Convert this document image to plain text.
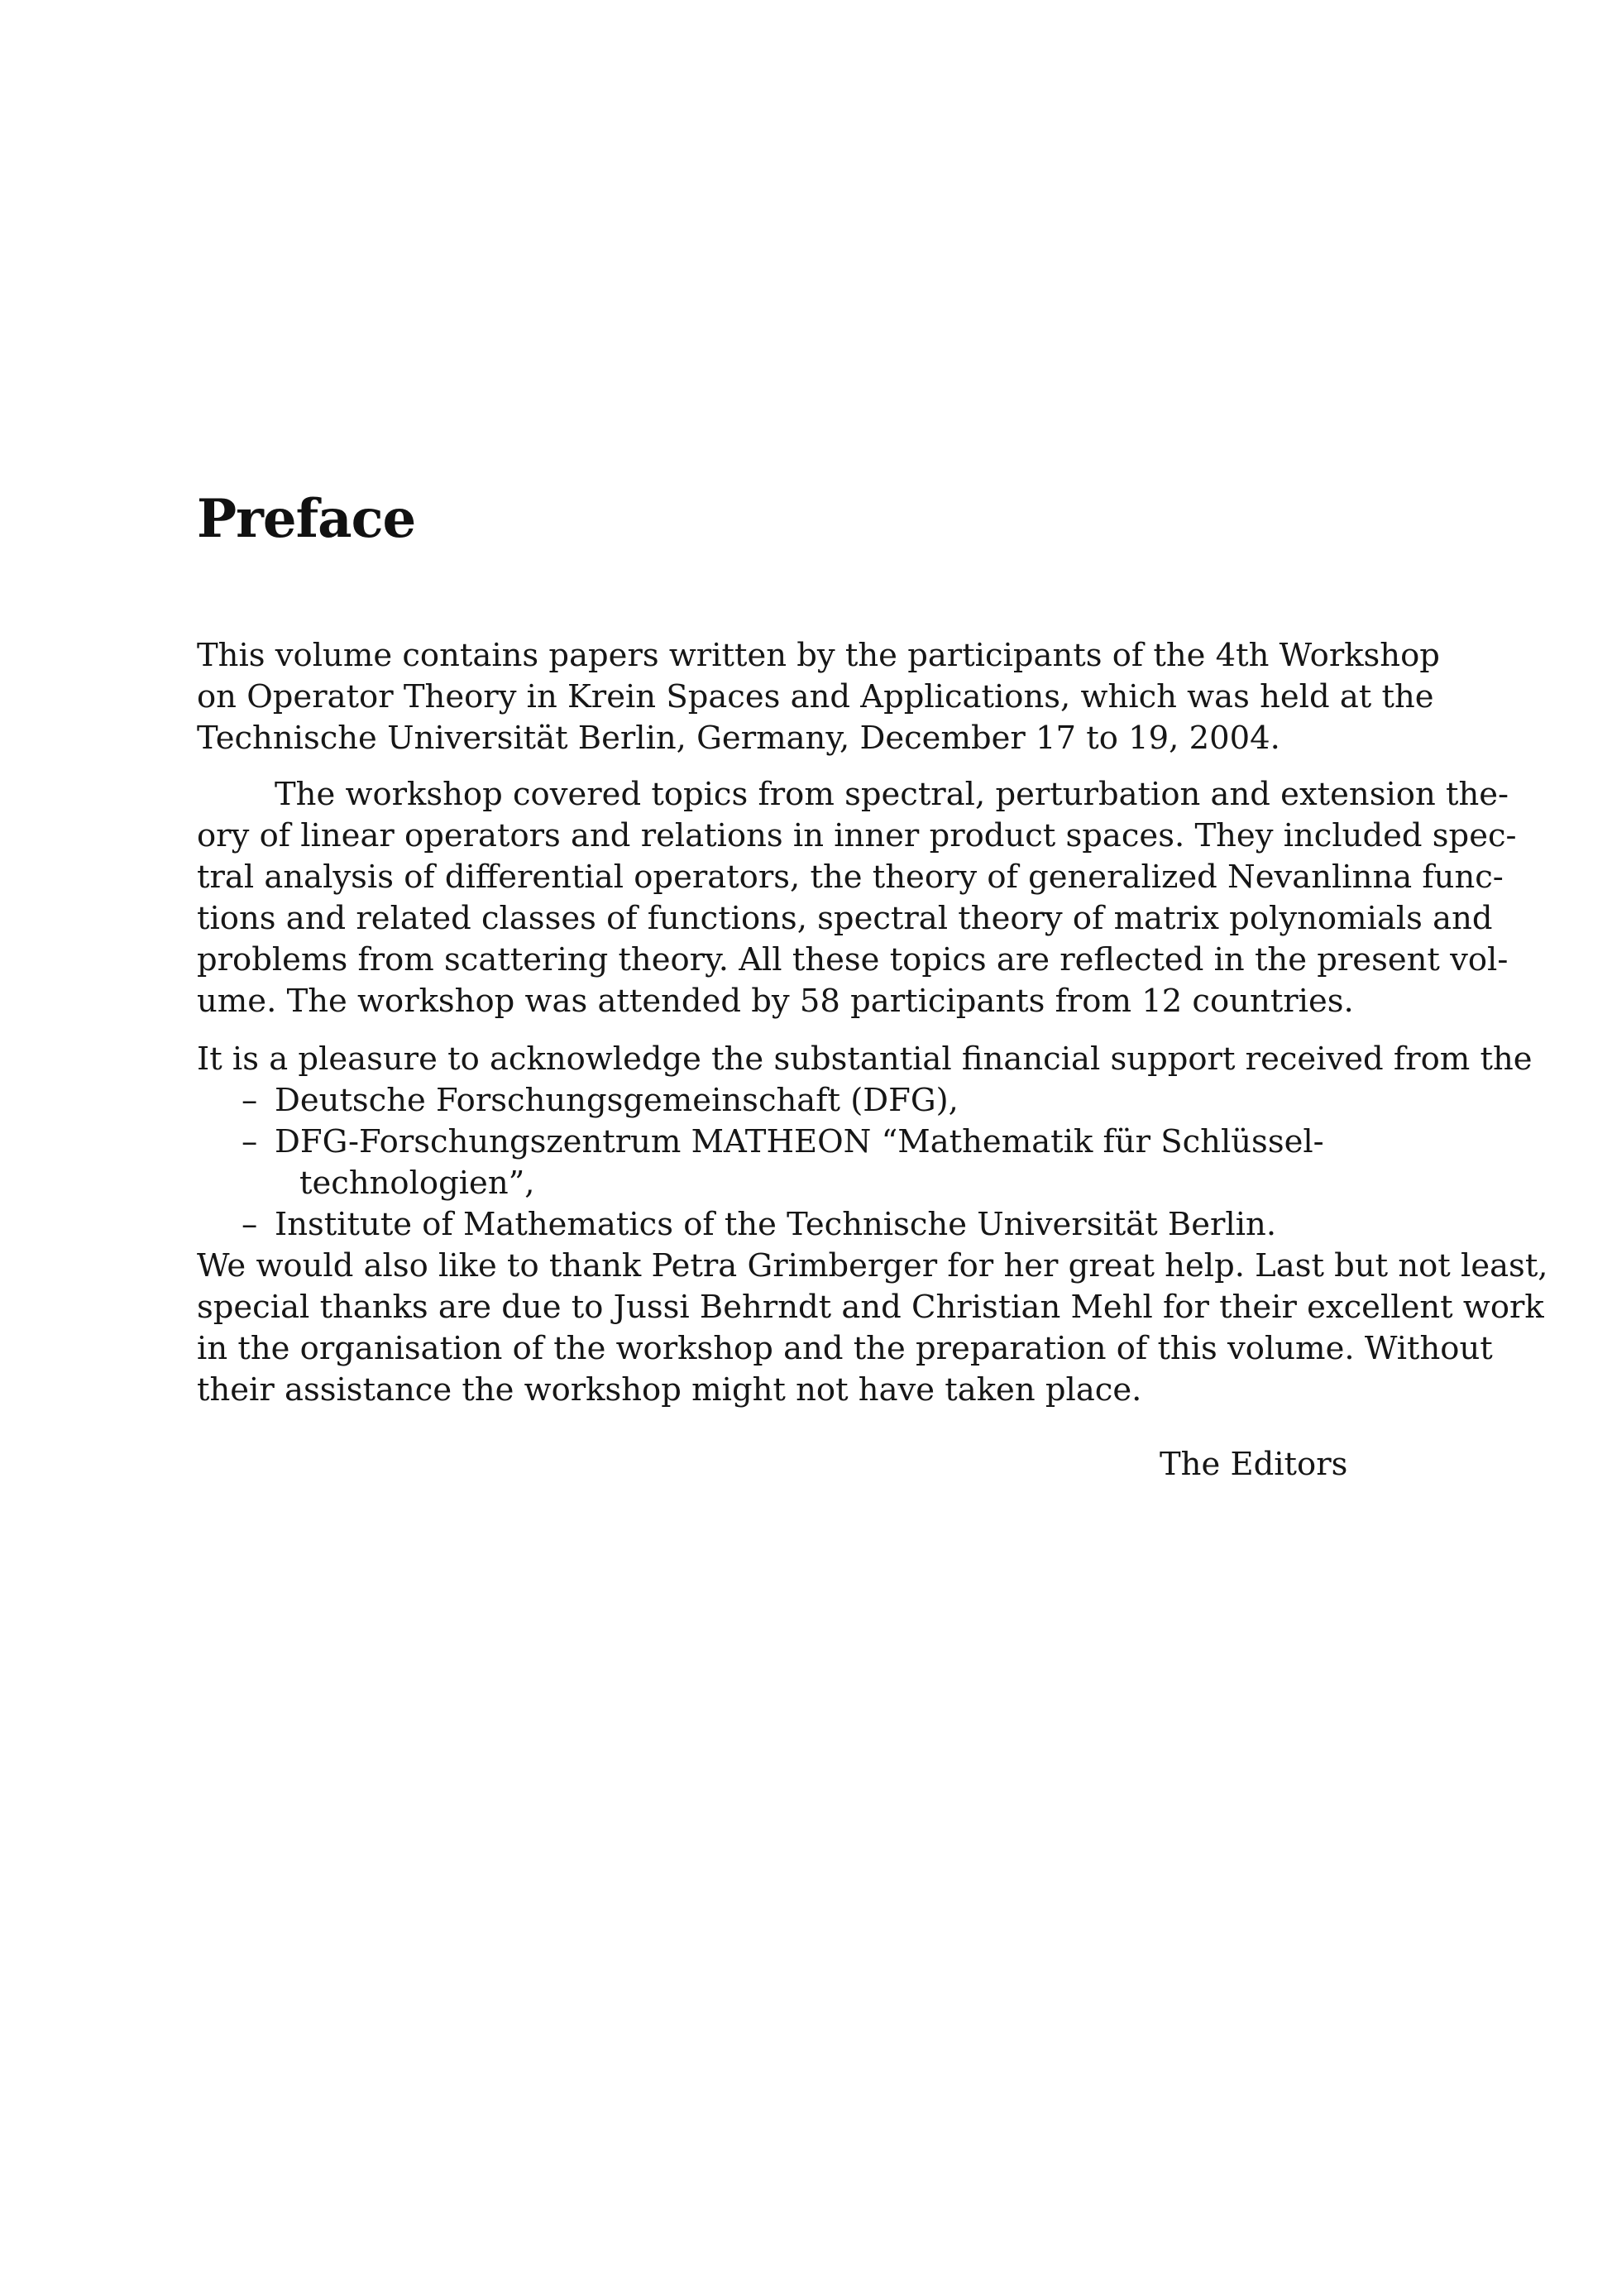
Preface

This volume contains papers written by the participants of the 4th Workshop
on Operator Theory in Krein Spaces and Applications, which was held at the
Technische Universität Berlin, Germany, December 17 to 19, 2004.

The workshop covered topics from spectral, perturbation and extension the-
ory of linear operators and relations in inner product spaces. They included spec-
tral analysis of differential operators, the theory of generalized Nevanlinna func-
tions and related classes of functions, spectral theory of matrix polynomials and
problems from scattering theory. All these topics are reflected in the present vol-
ume. The workshop was attended by 58 participants from 12 countries.

It is a pleasure to acknowledge the substantial financial support received from the

– Deutsche Forschungsgemeinschaft (DFG),
– DFG-Forschungszentrum MATHEON “Mathematik für Schlüssel-
technologien”,
– Institute of Mathematics of the Technische Universität Berlin.

We would also like to thank Petra Grimberger for her great help. Last but not least,
special thanks are due to Jussi Behrndt and Christian Mehl for their excellent work
in the organisation of the workshop and the preparation of this volume. Without
their assistance the workshop might not have taken place.

The Editors
